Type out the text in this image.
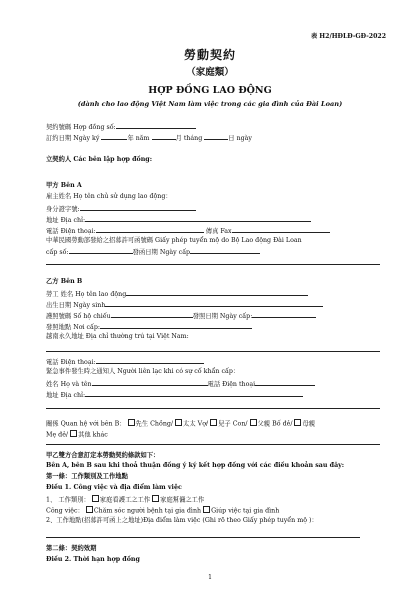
表 H2/HĐLĐ-GĐ-2022
勞動契約
（家庭類）
HỢP ĐỒNG LAO ĐỘNG
(dành cho lao động Việt Nam làm việc trong các gia đình của Đài Loan)
契約號碼 Hợp đồng số:
訂約日期 Ngày ký	年 năm	月 tháng	日 ngày
立契約人 Các bên lập hợp đồng:
甲方 Bên A
雇主姓名 Họ tên chủ sử dụng lao động：
身分證字號:
地址 Địa chỉ:
電話 Điện thoại:	傳真 Fax
中華民國勞動部發給之招募許可函號碼 Giấy phép tuyển mộ do Bộ Lao động Đài Loan
cấp số:	發函日期 Ngày cấp
乙方 Bên B
勞工 姓名 Họ tên lao động
出生日期 Ngày sinh
護照號碼 Số hộ chiếu	發照日期 Ngày cấp:
發照地點 Nơi cấp:
越南永久地址 Địa chỉ thường trú tại Việt Nam:
電話 Điện thoại:
緊急事件發生時之通知人 Người liên lạc khi có sự cố khẩn cấp：
姓名 Họ và tên	電話 Điện thoại
地址 Địa chỉ:
關係 Quan hệ với bên B： 先生 Chồng/ 太太 Vợ/ 兒子 Con/ 父親 Bố đẻ/ 母親
Mẹ đẻ/ 其他 khác
甲乙雙方合意訂定本勞動契約條款如下：
Bên A, bên B sau khi thoả thuận đồng ý ký kết hợp đồng với các điều khoản sau đây:
第一條：工作類別及工作地點
Điều 1. Công việc và địa điểm làm việc
1、 工作類別： 家庭看護工之工作 家庭幫傭之工作
Công việc： Chăm sóc người bệnh tại gia đình Giúp việc tại gia đình
2、工作地點(招募許可函上之地址)Địa điểm làm việc (Ghi rõ theo Giấy phép tuyển mộ )：
第二條：契約效期
Điều 2. Thời hạn hợp đồng
1
